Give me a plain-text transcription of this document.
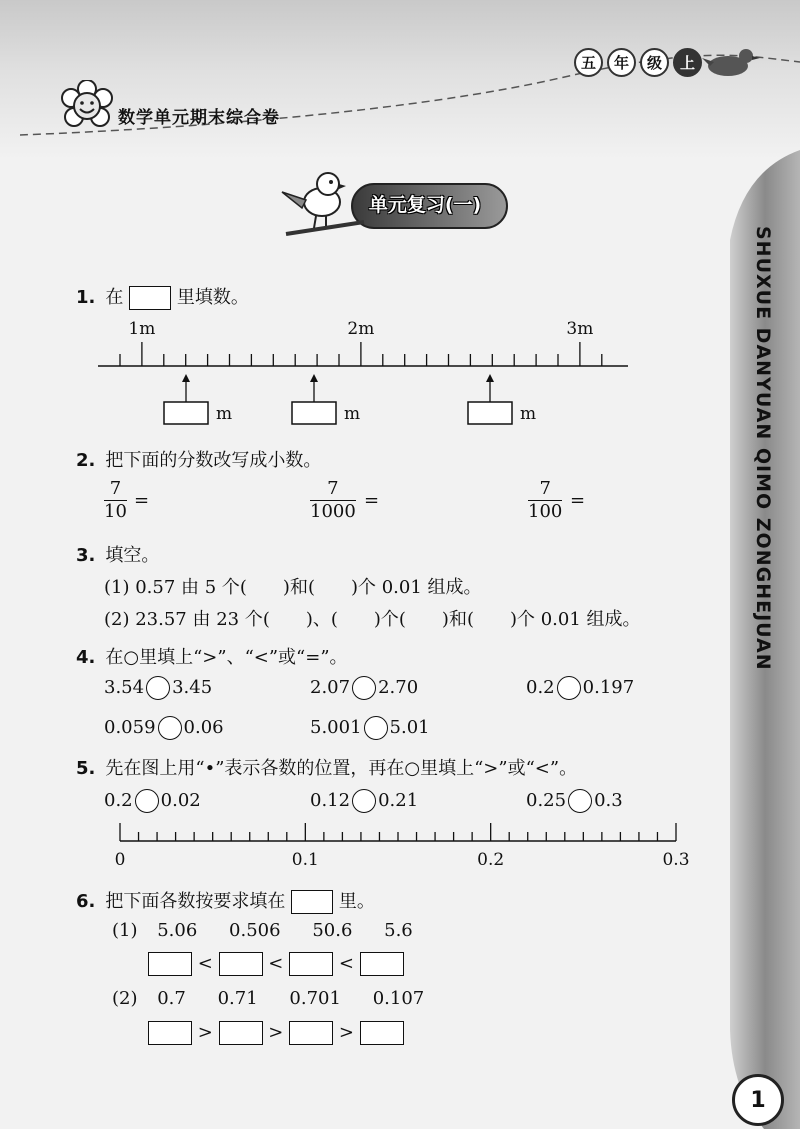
数学单元期末综合卷
五	年	级	上
SHUXUE DANYUAN QIMO ZONGHEJUAN
1
单元复习(一)
1. 在	里填数。
1m	2m	3m
m	m	m
2. 把下面的分数改写成小数。
$\frac{7}{10}$ =	$\frac{7}{1000}$ =	$\frac{7}{100}$ =
3. 填空。
(1) 0.57 由 5 个(　　)和(　　)个 0.01 组成。
(2) 23.57 由 23 个(　　)、(　　)个(　　)和(　　)个 0.01 组成。
4. 在○里填上“>”、“<”或“=”。
3.54 3.45	2.07 2.70	0.2 0.197
0.059 0.06	5.001 5.01
5. 先在图上用“•”表示各数的位置，再在○里填上“>”或“<”。
0.2 0.02	0.12 0.21	0.25 0.3
0	0.1	0.2	0.3
6. 把下面各数按要求填在	里。
(1) 5.06 0.506 50.6 5.6
<	<	<
(2) 0.7 0.71 0.701 0.107
>	>	>
